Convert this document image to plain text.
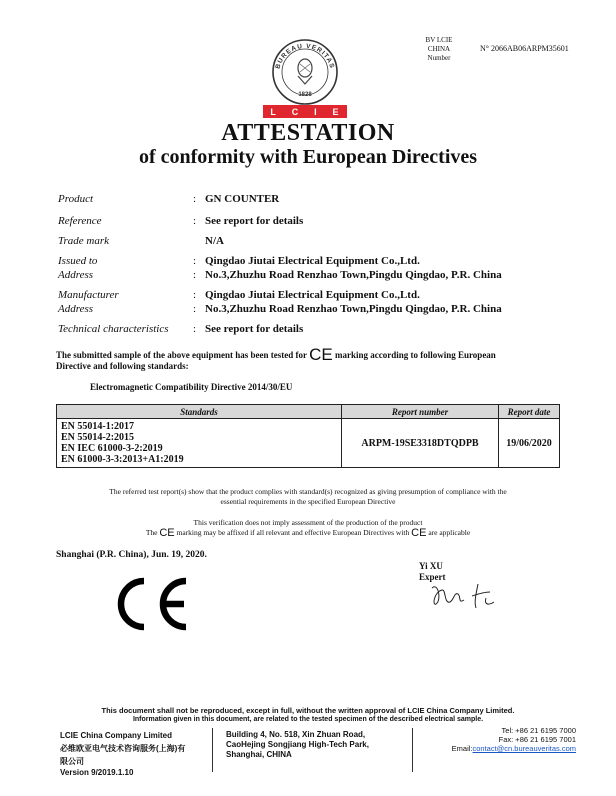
BV LCIE
CHINA
Number
N° 2066AB06ARPM35601
BUREAU VERITAS
1828
L C I E
ATTESTATION
of conformity with European Directives
Product	: GN COUNTER
Reference	: See report for details
Trade mark	N/A
Issued to	: Qingdao Jiutai Electrical Equipment Co.,Ltd.
Address	: No.3,Zhuzhu Road Renzhao Town,Pingdu Qingdao, P.R. China
Manufacturer	: Qingdao Jiutai Electrical Equipment Co.,Ltd.
Address	: No.3,Zhuzhu Road Renzhao Town,Pingdu Qingdao, P.R. China
Technical characteristics : See report for details
The submitted sample of the above equipment has been tested for CE marking according to following European
Directive and following standards:
Electromagnetic Compatibility Directive 2014/30/EU
Standards	Report number	Report date

EN 55014-1:2017
EN 55014-2:2015
EN IEC 61000-3-2:2019
EN 61000-3-3:2013+A1:2019	ARPM-19SE3318DTQDPB	19/06/2020
The referred test report(s) show that the product complies with standard(s) recognized as giving presumption of compliance with the
essential requirements in the specified European Directive
This verification does not imply assessment of the production of the product
The CE marking may be affixed if all relevant and effective European Directives with CE are applicable
Shanghai (P.R. China), Jun. 19, 2020.
Yi XU
Expert
This document shall not be reproduced, except in full, without the written approval of LCIE China Company Limited.
Information given in this document, are related to the tested specimen of the described electrical sample.
LCIE China Company Limited
必维欧亚电气技术咨询服务(上海)有
限公司
Building 4, No. 518, Xin Zhuan Road,
CaoHejing Songjiang High-Tech Park,
Shanghai, CHINA
Tel: +86 21 6195 7000
Fax: +86 21 6195 7001
Email:contact@cn.bureauveritas.com
Version 9/2019.1.10
